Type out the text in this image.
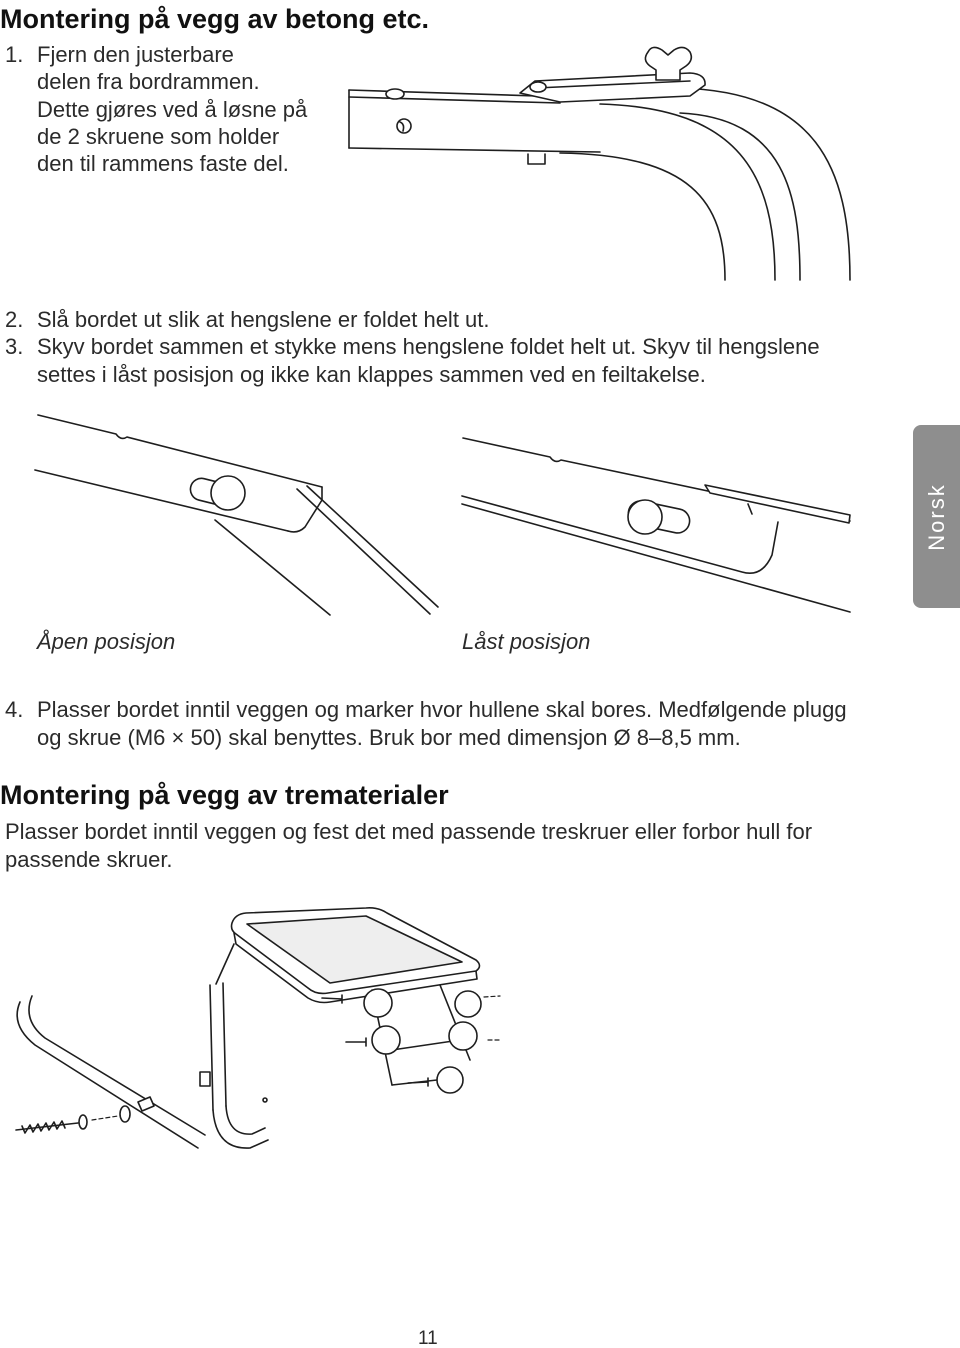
Montering på vegg av betong etc.
1. Fjern den justerbare
delen fra bordrammen.
Dette gjøres ved å løsne på
de 2 skruene som holder
den til rammens faste del.
2. Slå bordet ut slik at hengslene er foldet helt ut.
3. Skyv bordet sammen et stykke mens hengslene foldet helt ut. Skyv til hengslene
settes i låst posisjon og ikke kan klappes sammen ved en feiltakelse.
Norsk
Åpen posisjon	Låst posisjon
4. Plasser bordet inntil veggen og marker hvor hullene skal bores. Medfølgende plugg
og skrue (M6 × 50) skal benyttes. Bruk bor med dimensjon Ø 8–8,5 mm.
Montering på vegg av trematerialer
Plasser bordet inntil veggen og fest det med passende treskruer eller forbor hull for
passende skruer.
11
